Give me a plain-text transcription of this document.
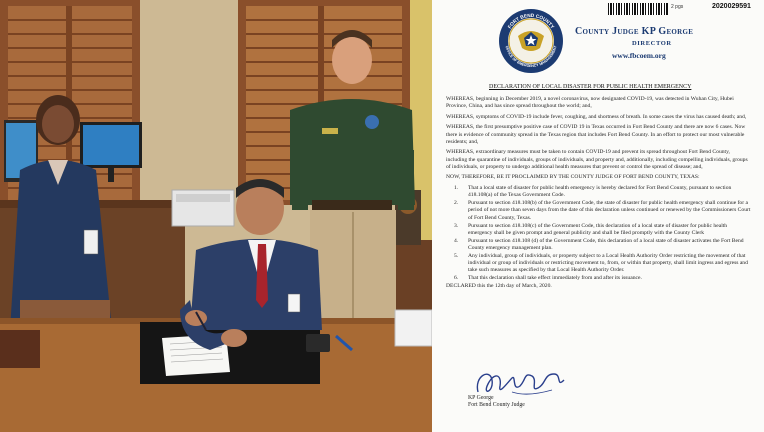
FORT BEND COUNTY
OFFICE OF EMERGENCY MANAGEMENT
2 pgs	2020029591
County Judge KP George
DIRECTOR
www.fbcoem.org
DECLARATION OF LOCAL DISASTER FOR PUBLIC HEALTH EMERGENCY

WHEREAS, beginning in December 2019, a novel coronavirus, now designated COVID-19, was detected in Wuhan City, Hubei Province, China, and has since spread throughout the world; and,

WHEREAS, symptoms of COVID-19 include fever, coughing, and shortness of breath. In some cases the virus has caused death; and,

WHEREAS, the first presumptive positive case of COVID 19 in Texas occurred in Fort Bend County and there are now 6 cases. Now there is evidence of community spread in the Texas region that includes Fort Bend County. In an effort to protect our most vulnerable residents; and,

WHEREAS, extraordinary measures must be taken to contain COVID-19 and prevent its spread throughout Fort Bend County, including the quarantine of individuals, groups of individuals, and property and, additionally, including compelling individuals, groups of individuals, or property to undergo additional health measures that prevent or control the spread of disease; and,

NOW, THEREFORE, BE IT PROCLAIMED BY THE COUNTY JUDGE OF FORT BEND COUNTY, TEXAS:

1. That a local state of disaster for public health emergency is hereby declared for Fort Bend County, pursuant to section 418.108(a) of the Texas Government Code.
2. Pursuant to section 418.108(b) of the Government Code, the state of disaster for public health emergency shall continue for a period of not more than seven days from the date of this declaration unless continued or renewed by the Commissioners Court of Fort Bend County, Texas.
3. Pursuant to section 418.108(c) of the Government Code, this declaration of a local state of disaster for public health emergency shall be given prompt and general publicity and shall be filed promptly with the County Clerk
4. Pursuant to section 418.108 (d) of the Government Code, this declaration of a local state of disaster activates the Fort Bend County emergency management plan.
5. Any individual, group of individuals, or property subject to a Local Health Authority Order restricting the movement of that individual or group of individuals or restricting movement to, from, or within that property, shall limit ingress and egress and take such measures as specified by that Local Health Authority Order.
6. That this declaration shall take effect immediately from and after its issuance.

DECLARED this the 12th day of March, 2020.

KP George
Fort Bend County Judge
